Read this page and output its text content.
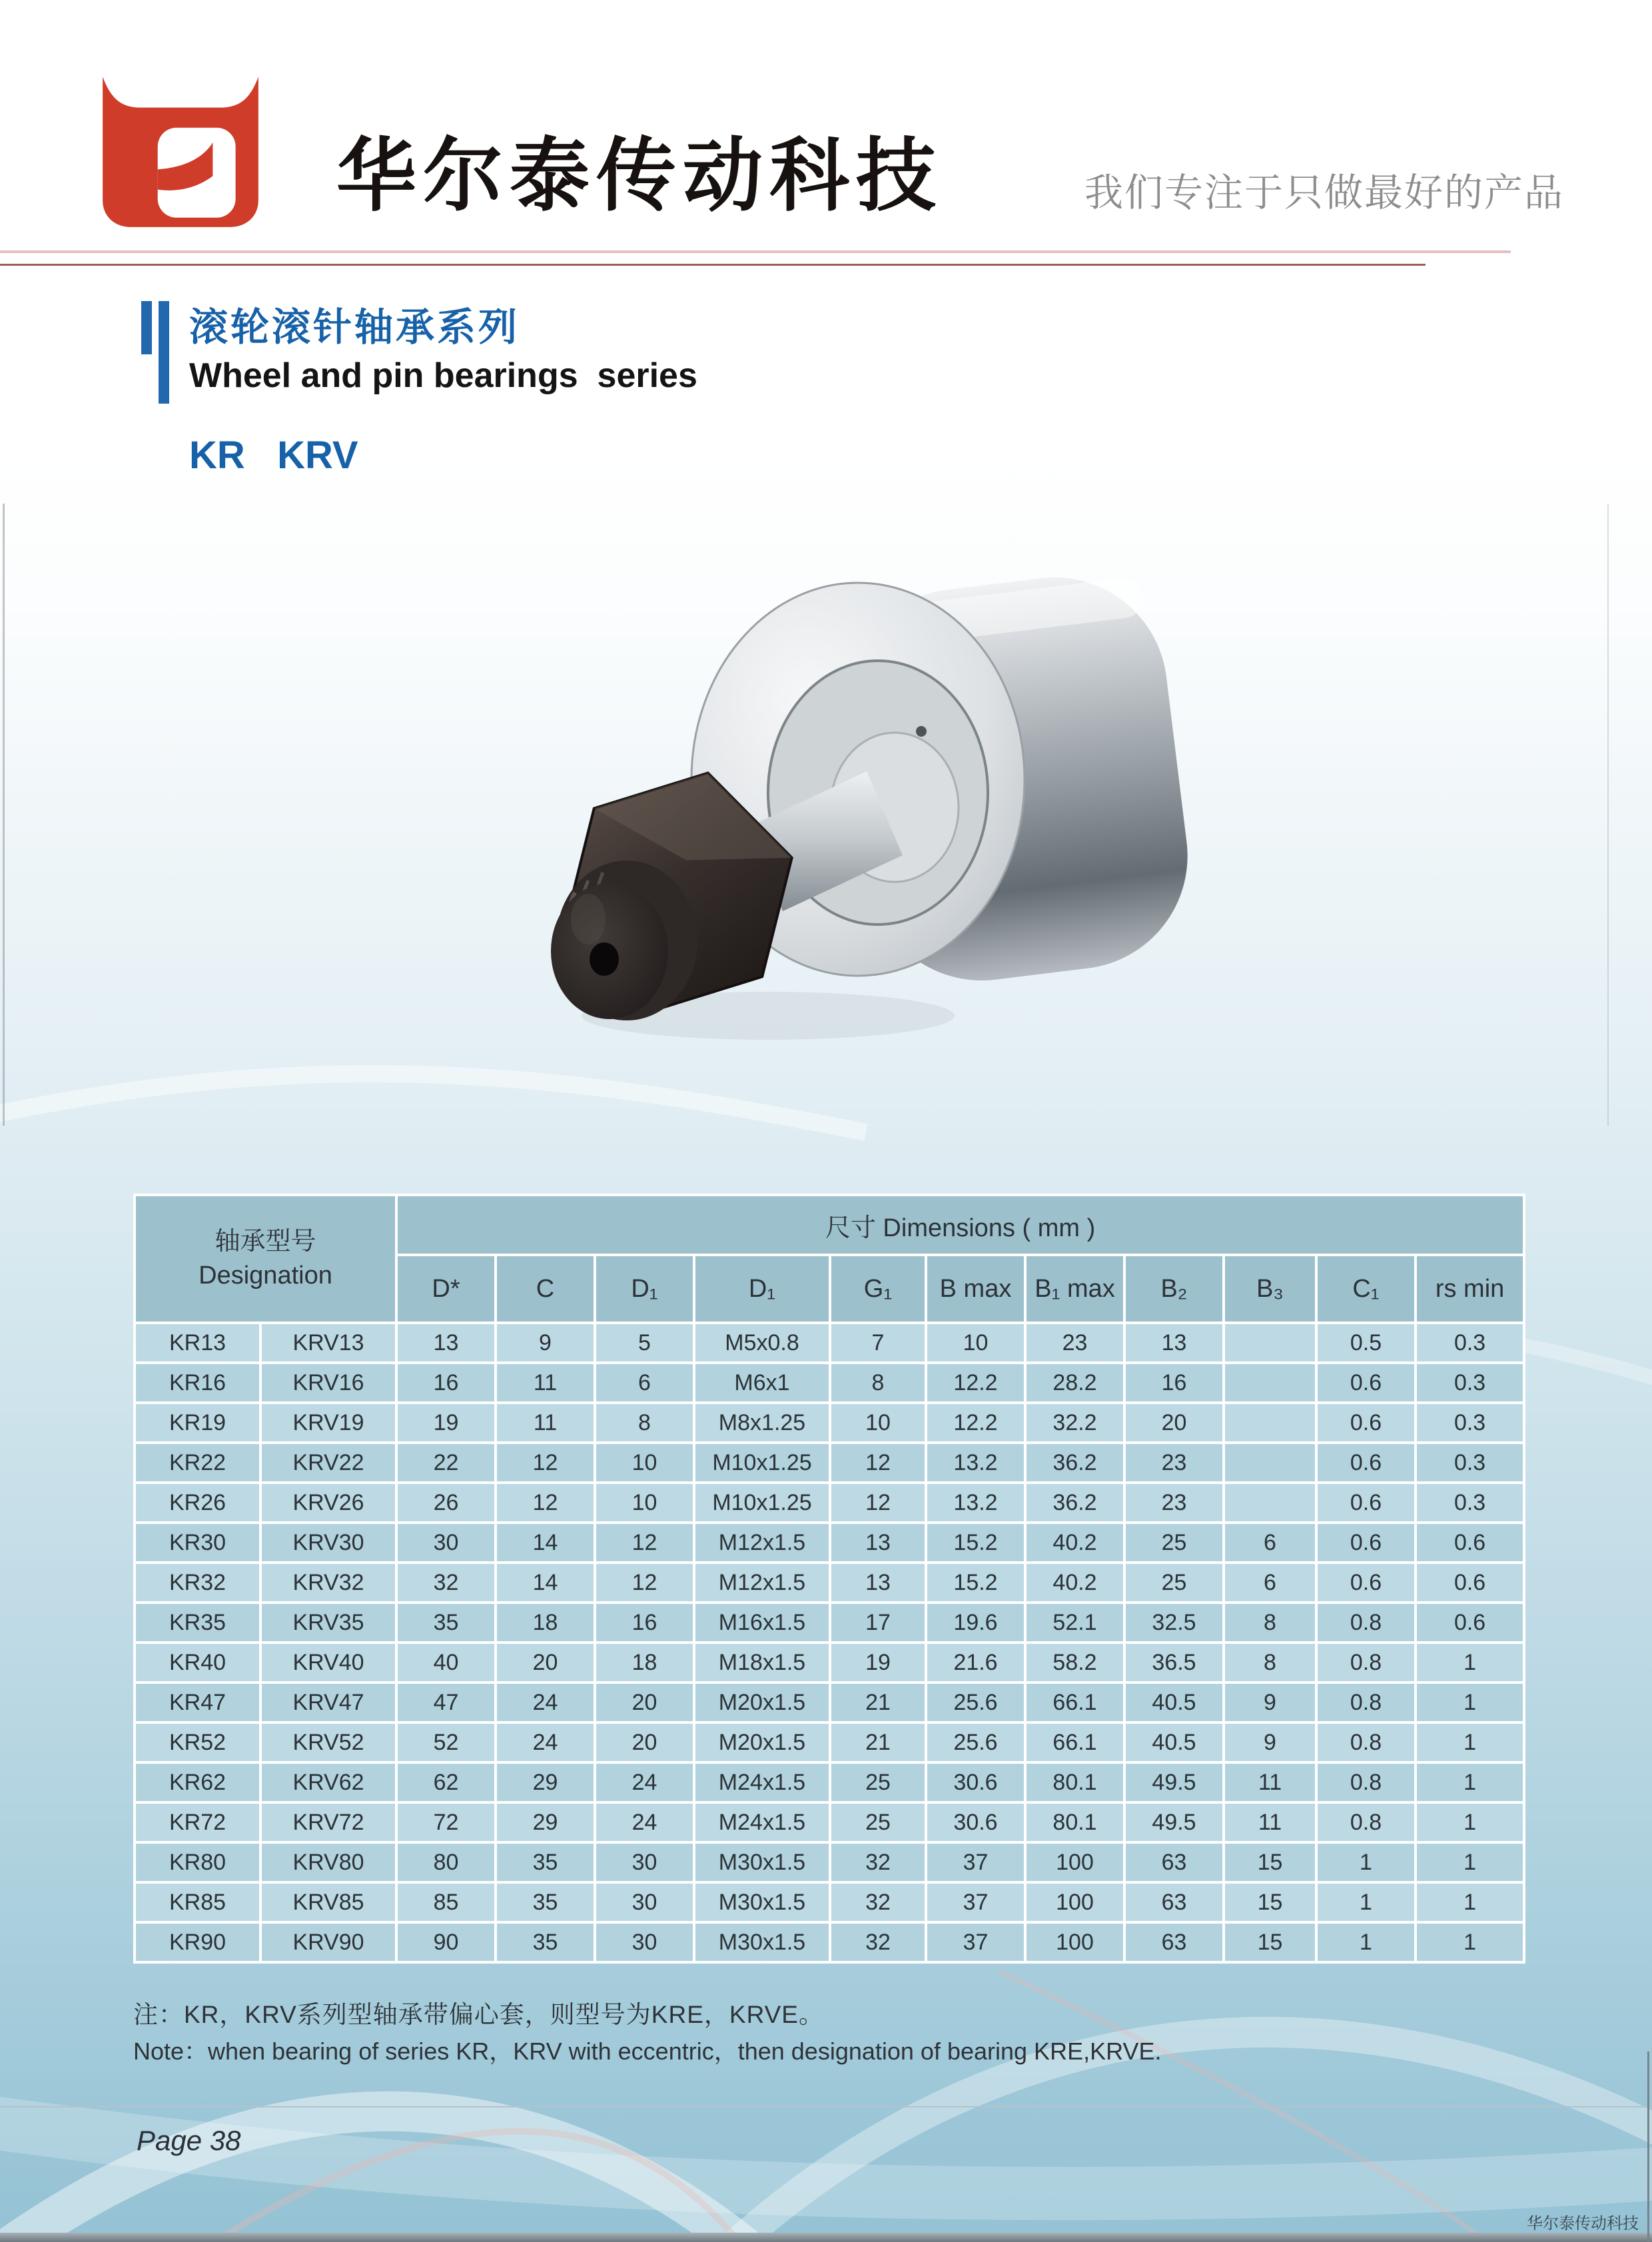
华尔泰传动科技	我们专注于只做最好的产品
滚轮滚针轴承系列
Wheel and pin bearings  series
KR   KRV
轴承型号
Designation		尺寸 Dimensions ( mm )										
		D*	C	D₁	D₁	G₁	B max	B₁ max	B₂	B₃	C₁	rs min
KR13	KRV13	13	9	5	M5x0.8	7	10	23	13		0.5	0.3
KR16	KRV16	16	11	6	M6x1	8	12.2	28.2	16		0.6	0.3
KR19	KRV19	19	11	8	M8x1.25	10	12.2	32.2	20		0.6	0.3
KR22	KRV22	22	12	10	M10x1.25	12	13.2	36.2	23		0.6	0.3
KR26	KRV26	26	12	10	M10x1.25	12	13.2	36.2	23		0.6	0.3
KR30	KRV30	30	14	12	M12x1.5	13	15.2	40.2	25	6	0.6	0.6
KR32	KRV32	32	14	12	M12x1.5	13	15.2	40.2	25	6	0.6	0.6
KR35	KRV35	35	18	16	M16x1.5	17	19.6	52.1	32.5	8	0.8	0.6
KR40	KRV40	40	20	18	M18x1.5	19	21.6	58.2	36.5	8	0.8	1
KR47	KRV47	47	24	20	M20x1.5	21	25.6	66.1	40.5	9	0.8	1
KR52	KRV52	52	24	20	M20x1.5	21	25.6	66.1	40.5	9	0.8	1
KR62	KRV62	62	29	24	M24x1.5	25	30.6	80.1	49.5	11	0.8	1
KR72	KRV72	72	29	24	M24x1.5	25	30.6	80.1	49.5	11	0.8	1
KR80	KRV80	80	35	30	M30x1.5	32	37	100	63	15	1	1
KR85	KRV85	85	35	30	M30x1.5	32	37	100	63	15	1	1
KR90	KRV90	90	35	30	M30x1.5	32	37	100	63	15	1	1
注：KR，KRV系列型轴承带偏心套，则型号为KRE，KRVE。
Note：when bearing of series KR，KRV with eccentric，then designation of bearing KRE,KRVE.
Page 38
华尔泰传动科技
